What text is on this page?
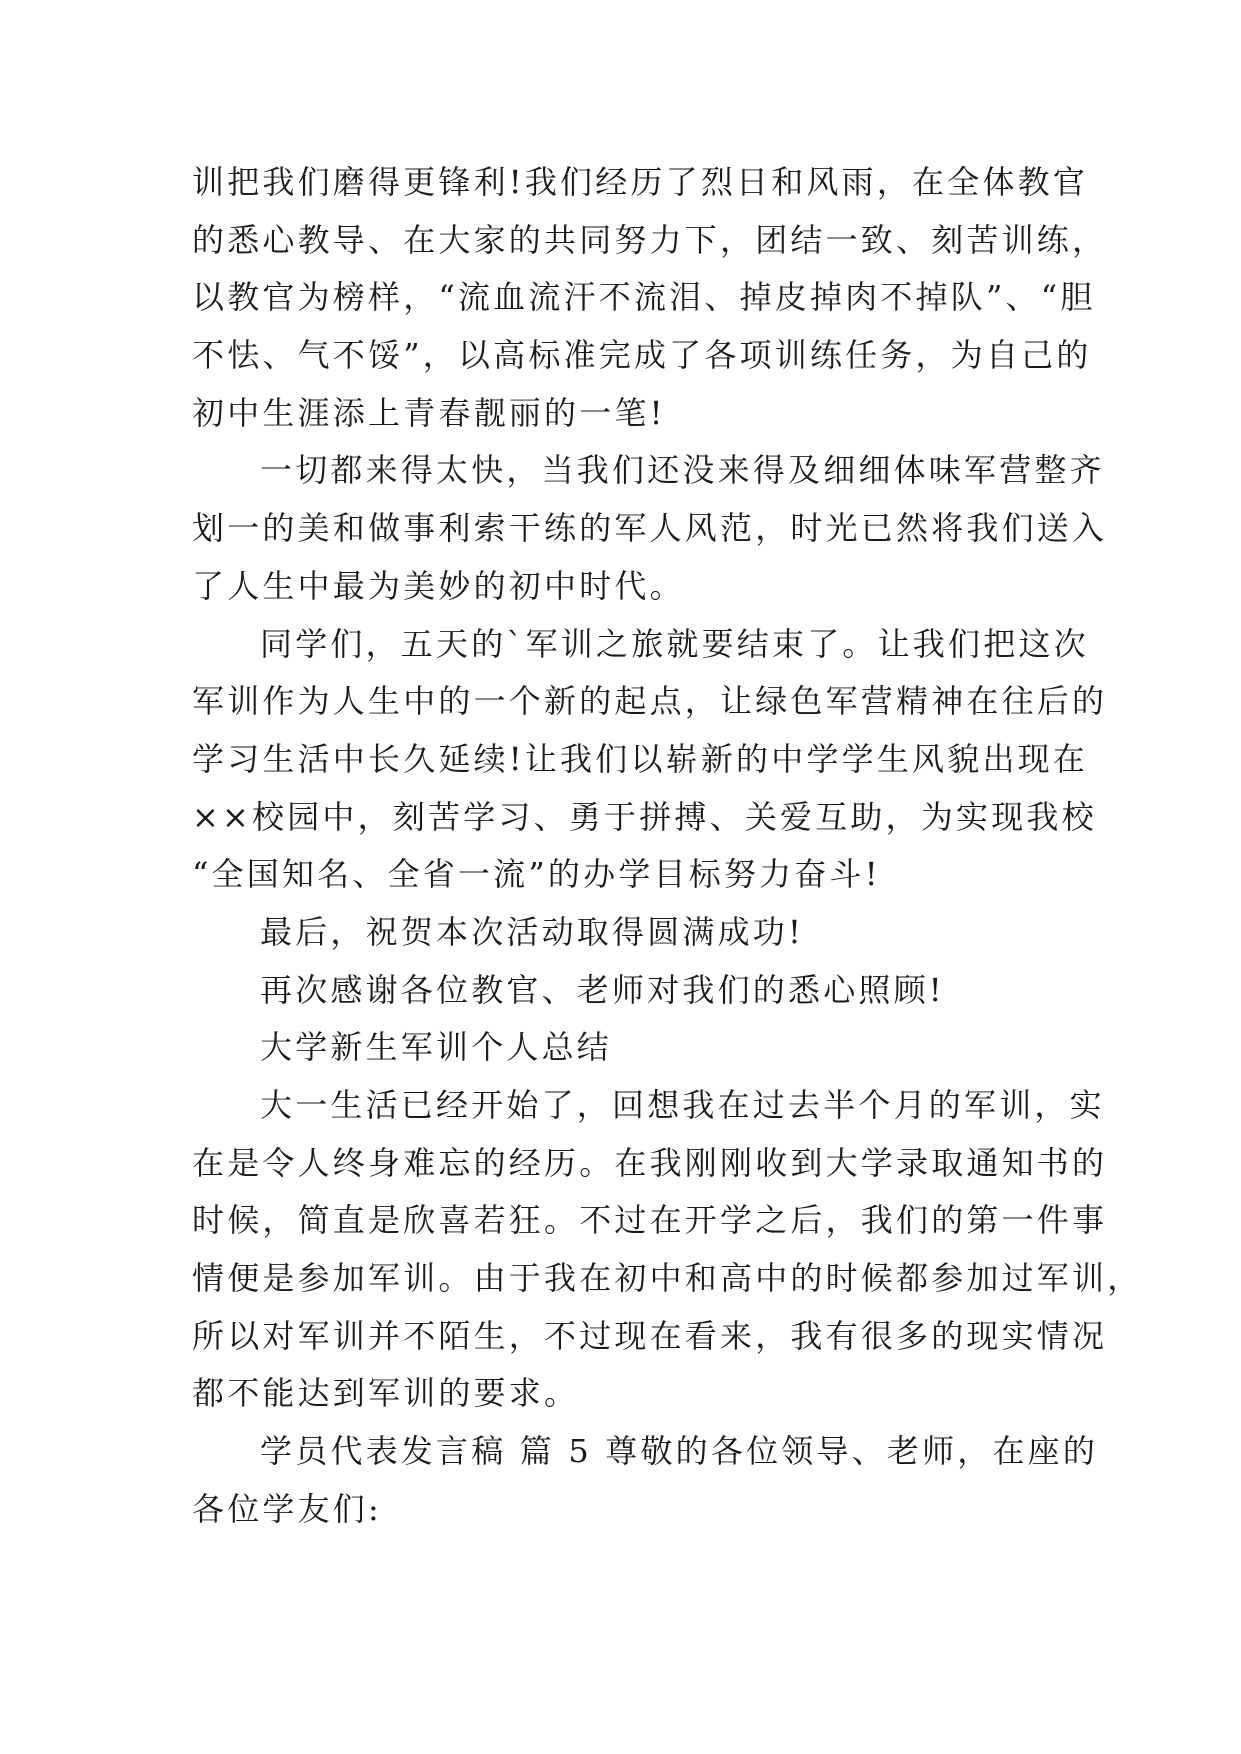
训把我们磨得更锋利!我们经历了烈日和风雨，在全体教官
的悉心教导、在大家的共同努力下，团结一致、刻苦训练，
以教官为榜样，“流血流汗不流泪、掉皮掉肉不掉队”、“胆
不怯、气不馁”，以高标准完成了各项训练任务，为自己的
初中生涯添上青春靓丽的一笔!
一切都来得太快，当我们还没来得及细细体味军营整齐
划一的美和做事利索干练的军人风范，时光已然将我们送入
了人生中最为美妙的初中时代。
同学们，五天的`军训之旅就要结束了。让我们把这次
军训作为人生中的一个新的起点，让绿色军营精神在往后的
学习生活中长久延续!让我们以崭新的中学学生风貌出现在
××校园中，刻苦学习、勇于拼搏、关爱互助，为实现我校
“全国知名、全省一流”的办学目标努力奋斗!
最后，祝贺本次活动取得圆满成功!
再次感谢各位教官、老师对我们的悉心照顾!
大学新生军训个人总结
大一生活已经开始了，回想我在过去半个月的军训，实
在是令人终身难忘的经历。在我刚刚收到大学录取通知书的
时候，简直是欣喜若狂。不过在开学之后，我们的第一件事
情便是参加军训。由于我在初中和高中的时候都参加过军训，
所以对军训并不陌生，不过现在看来，我有很多的现实情况
都不能达到军训的要求。
学员代表发言稿 篇 5 尊敬的各位领导、老师，在座的
各位学友们:
